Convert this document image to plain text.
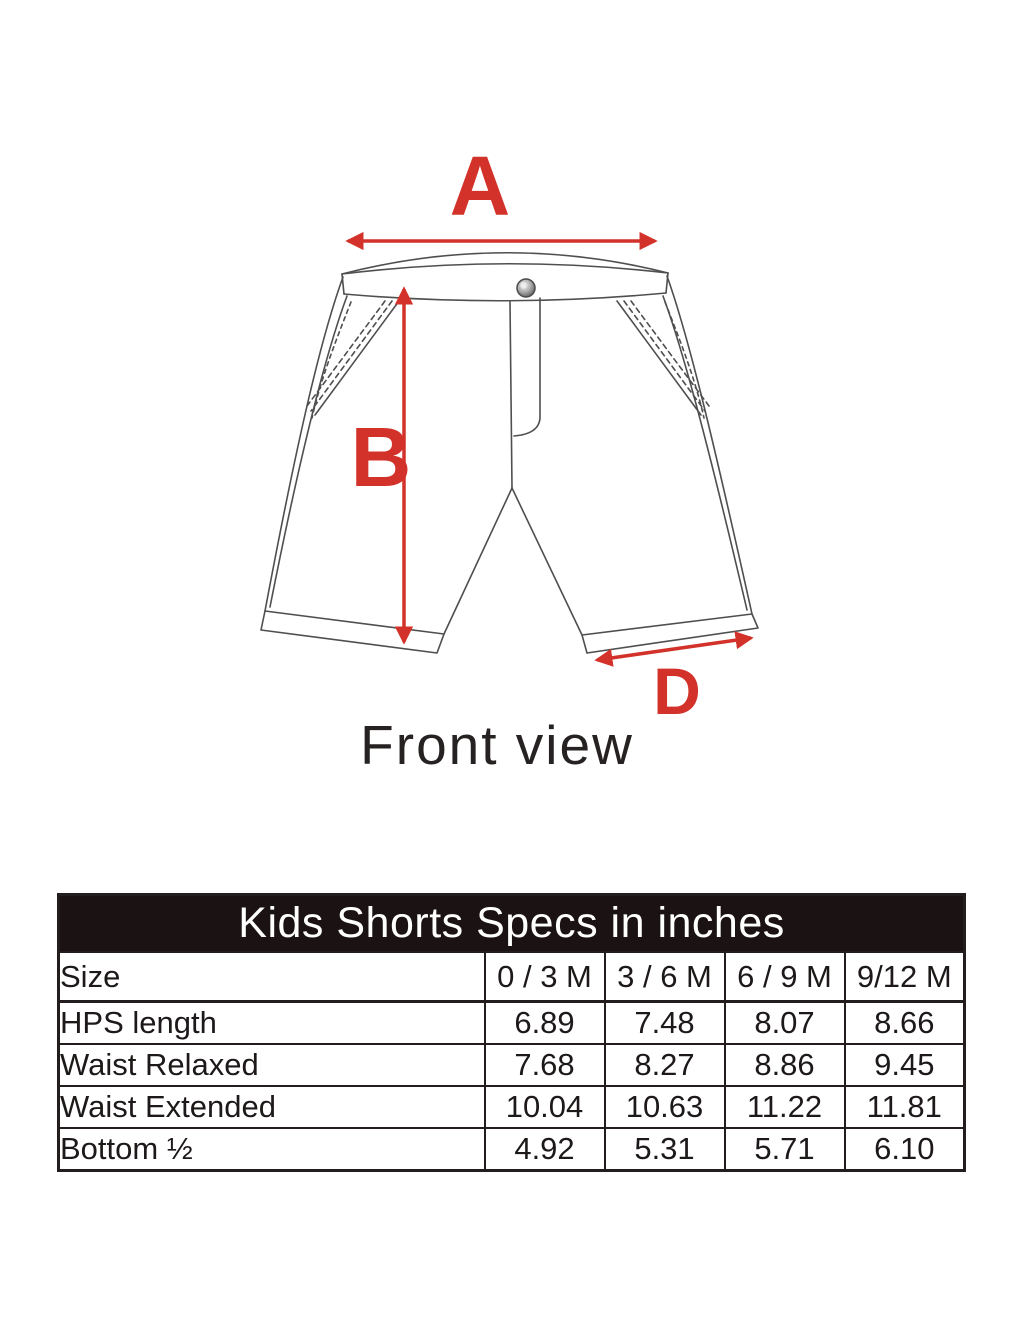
A
B
D
Front view
Kids Shorts Specs in inches				
Size	0 / 3 M	3 / 6 M	6 / 9 M	9/12 M
HPS length	6.89	7.48	8.07	8.66
Waist Relaxed	7.68	8.27	8.86	9.45
Waist Extended	10.04	10.63	11.22	11.81
Bottom ½	4.92	5.31	5.71	6.10
